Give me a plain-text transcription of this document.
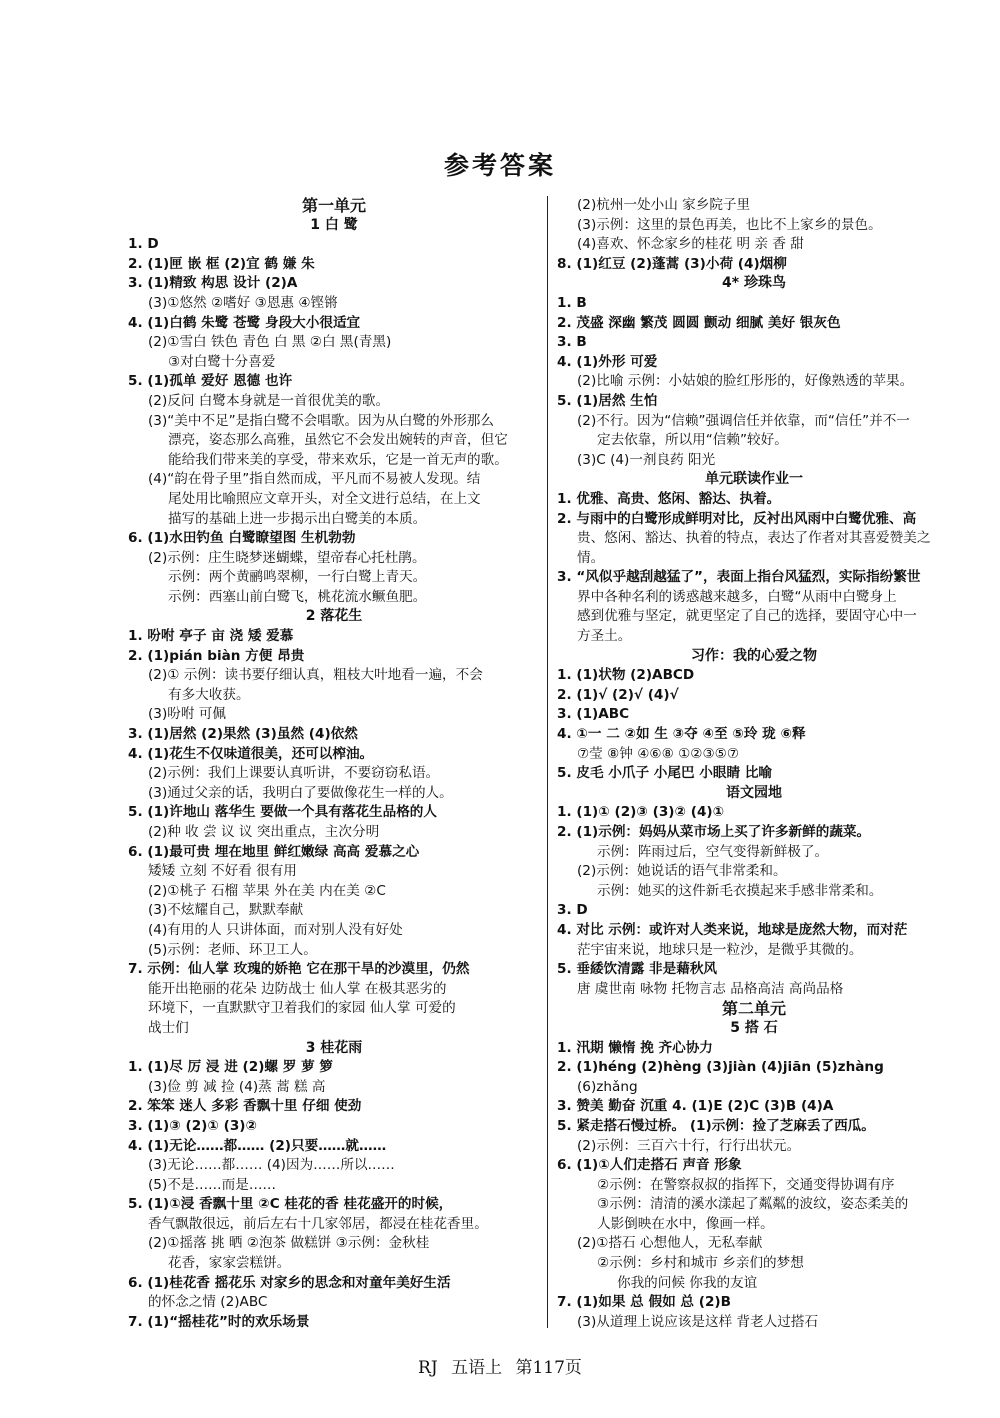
参考答案
第一单元
1 白 鹭
1. D
2. (1)匣 嵌 框 (2)宜 鹤 嫌 朱
3. (1)精致 构思 设计 (2)A
(3)①悠然 ②嗜好 ③恩惠 ④铿锵
4. (1)白鹤 朱鹭 苍鹭 身段大小很适宜
(2)①雪白 铁色 青色 白 黑 ②白 黑(青黑)
③对白鹭十分喜爱
5. (1)孤单 爱好 恩德 也许
(2)反问 白鹭本身就是一首很优美的歌。
(3)“美中不足”是指白鹭不会唱歌。因为从白鹭的外形那么
漂亮，姿态那么高雅，虽然它不会发出婉转的声音，但它
能给我们带来美的享受，带来欢乐，它是一首无声的歌。
(4)“韵在骨子里”指自然而成，平凡而不易被人发现。结
尾处用比喻照应文章开头，对全文进行总结，在上文
描写的基础上进一步揭示出白鹭美的本质。
6. (1)水田钓鱼 白鹭瞭望图 生机勃勃
(2)示例：庄生晓梦迷蝴蝶，望帝春心托杜鹃。
示例：两个黄鹂鸣翠柳，一行白鹭上青天。
示例：西塞山前白鹭飞，桃花流水鳜鱼肥。
2 落花生
1. 吩咐 亭子 亩 浇 矮 爱慕
2. (1)pián biàn 方便 昂贵
(2)① 示例：读书要仔细认真，粗枝大叶地看一遍，不会
有多大收获。
(3)吩咐 可佩
3. (1)居然 (2)果然 (3)虽然 (4)依然
4. (1)花生不仅味道很美，还可以榨油。
(2)示例：我们上课要认真听讲，不要窃窃私语。
(3)通过父亲的话，我明白了要做像花生一样的人。
5. (1)许地山 落华生 要做一个具有落花生品格的人
(2)种 收 尝 议 议 突出重点，主次分明
6. (1)最可贵 埋在地里 鲜红嫩绿 高高 爱慕之心
矮矮 立刻 不好看 很有用
(2)①桃子 石榴 苹果 外在美 内在美 ②C
(3)不炫耀自己，默默奉献
(4)有用的人 只讲体面，而对别人没有好处
(5)示例：老师、环卫工人。
7. 示例：仙人掌 玫瑰的娇艳 它在那干旱的沙漠里，仍然
能开出艳丽的花朵 边防战士 仙人掌 在极其恶劣的
环境下，一直默默守卫着我们的家园 仙人掌 可爱的
战士们
3 桂花雨
1. (1)尽 厉 浸 进 (2)螺 罗 萝 箩
(3)俭 剪 减 捡 (4)蒸 蒿 糕 高
2. 笨笨 迷人 多彩 香飘十里 仔细 使劲
3. (1)③ (2)① (3)②
4. (1)无论……都…… (2)只要……就……
(3)无论……都…… (4)因为……所以……
(5)不是……而是……
5. (1)①浸 香飘十里 ②C 桂花的香 桂花盛开的时候，
香气飘散很远，前后左右十几家邻居，都浸在桂花香里。
(2)①摇落 挑 晒 ②泡茶 做糕饼 ③示例：金秋桂
花香，家家尝糕饼。
6. (1)桂花香 摇花乐 对家乡的思念和对童年美好生活
的怀念之情 (2)ABC
7. (1)“摇桂花”时的欢乐场景
(2)杭州一处小山 家乡院子里
(3)示例：这里的景色再美，也比不上家乡的景色。
(4)喜欢、怀念家乡的桂花 明 亲 香 甜
8. (1)红豆 (2)蓬蒿 (3)小荷 (4)烟柳
4* 珍珠鸟
1. B
2. 茂盛 深幽 繁茂 圆圆 颤动 细腻 美好 银灰色
3. B
4. (1)外形 可爱
(2)比喻 示例：小姑娘的脸红彤彤的，好像熟透的苹果。
5. (1)居然 生怕
(2)不行。因为“信赖”强调信任并依靠，而“信任”并不一
定去依靠，所以用“信赖”较好。
(3)C (4)一剂良药 阳光
单元联读作业一
1. 优雅、高贵、悠闲、豁达、执着。
2. 与雨中的白鹭形成鲜明对比，反衬出风雨中白鹭优雅、高
贵、悠闲、豁达、执着的特点，表达了作者对其喜爱赞美之
情。
3. “风似乎越刮越猛了”，表面上指台风猛烈，实际指纷繁世
界中各种名利的诱惑越来越多，白鹭“从雨中白鹭身上
感到优雅与坚定，就更坚定了自己的选择，要固守心中一
方圣土。
习作：我的心爱之物
1. (1)状物 (2)ABCD
2. (1)√ (2)√ (4)√
3. (1)ABC
4. ①一 二 ②如 生 ③夺 ④至 ⑤玲 珑 ⑥释
⑦莹 ⑧钟 ④⑥⑧ ①②③⑤⑦
5. 皮毛 小爪子 小尾巴 小眼睛 比喻
语文园地
1. (1)① (2)③ (3)② (4)①
2. (1)示例：妈妈从菜市场上买了许多新鲜的蔬菜。
示例：阵雨过后，空气变得新鲜极了。
(2)示例：她说话的语气非常柔和。
示例：她买的这件新毛衣摸起来手感非常柔和。
3. D
4. 对比 示例：或许对人类来说，地球是庞然大物，而对茫
茫宇宙来说，地球只是一粒沙，是微乎其微的。
5. 垂緌饮清露 非是藉秋风
唐 虞世南 咏物 托物言志 品格高洁 高尚品格
第二单元
5 搭 石
1. 汛期 懒惰 挽 齐心协力
2. (1)héng (2)hèng (3)jiàn (4)jiān (5)zhàng
(6)zhǎng
3. 赞美 勤奋 沉重 4. (1)E (2)C (3)B (4)A
5. 紧走搭石慢过桥。 (1)示例：捡了芝麻丢了西瓜。
(2)示例：三百六十行，行行出状元。
6. (1)①人们走搭石 声音 形象
②示例：在警察叔叔的指挥下，交通变得协调有序
③示例：清清的溪水漾起了粼粼的波纹，姿态柔美的
人影倒映在水中，像画一样。
(2)①搭石 心想他人，无私奉献
②示例：乡村和城市 乡亲们的梦想
你我的问候 你我的友谊
7. (1)如果 总 假如 总 (2)B
(3)从道理上说应该是这样 背老人过搭石
RJ 五语上 第117页
